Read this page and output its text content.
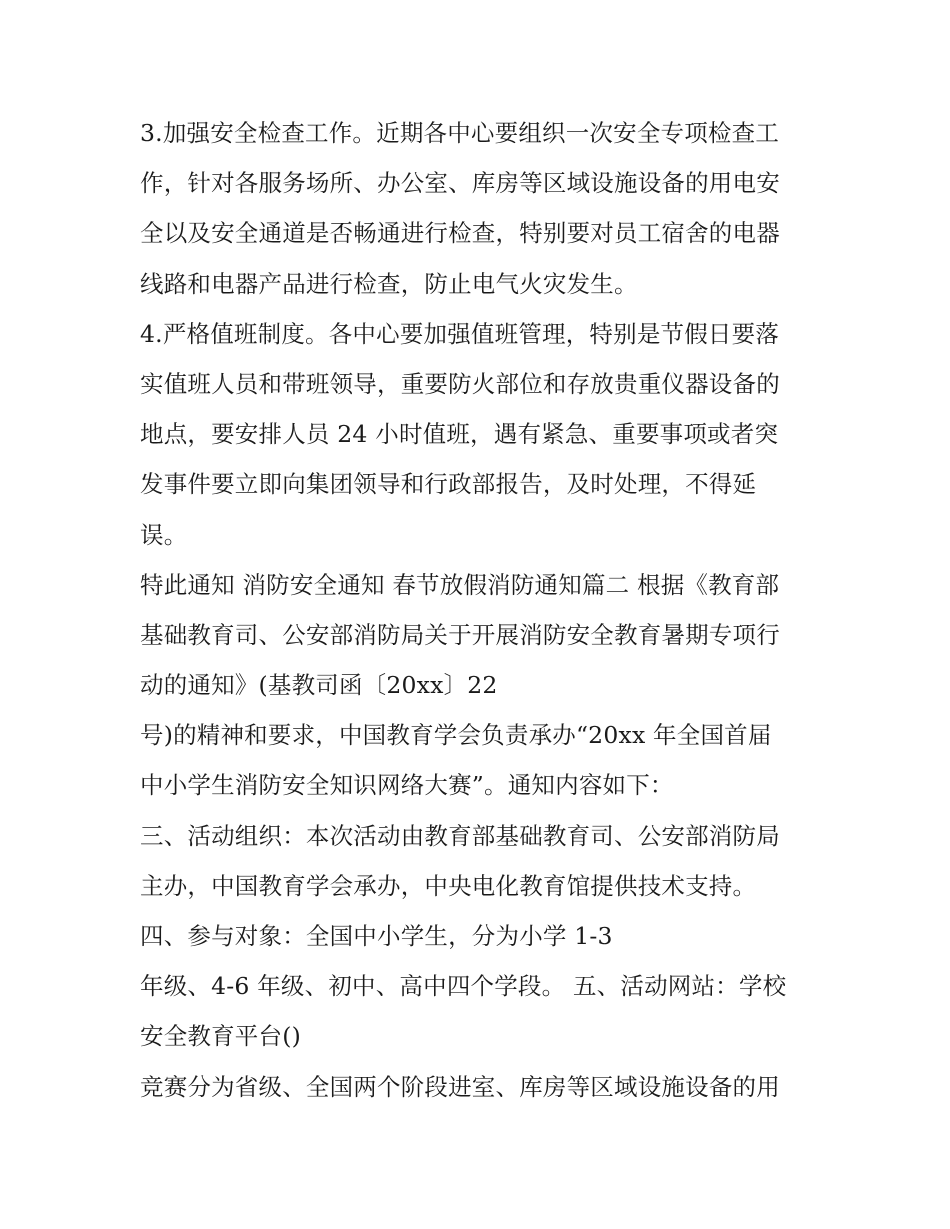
3.加强安全检查工作。近期各中心要组织一次安全专项检查工
作，针对各服务场所、办公室、库房等区域设施设备的用电安
全以及安全通道是否畅通进行检查，特别要对员工宿舍的电器
线路和电器产品进行检查，防止电气火灾发生。
4.严格值班制度。各中心要加强值班管理，特别是节假日要落
实值班人员和带班领导，重要防火部位和存放贵重仪器设备的
地点，要安排人员 24 小时值班，遇有紧急、重要事项或者突
发事件要立即向集团领导和行政部报告，及时处理，不得延
误。
特此通知 消防安全通知 春节放假消防通知篇二 根据《教育部
基础教育司、公安部消防局关于开展消防安全教育暑期专项行
动的通知》(基教司函〔20xx〕22
号)的精神和要求，中国教育学会负责承办“20xx 年全国首届
中小学生消防安全知识网络大赛”。通知内容如下：
三、活动组织：本次活动由教育部基础教育司、公安部消防局
主办，中国教育学会承办，中央电化教育馆提供技术支持。
四、参与对象：全国中小学生，分为小学 1-3
年级、4-6 年级、初中、高中四个学段。 五、活动网站：学校
安全教育平台()
竞赛分为省级、全国两个阶段进室、库房等区域设施设备的用
